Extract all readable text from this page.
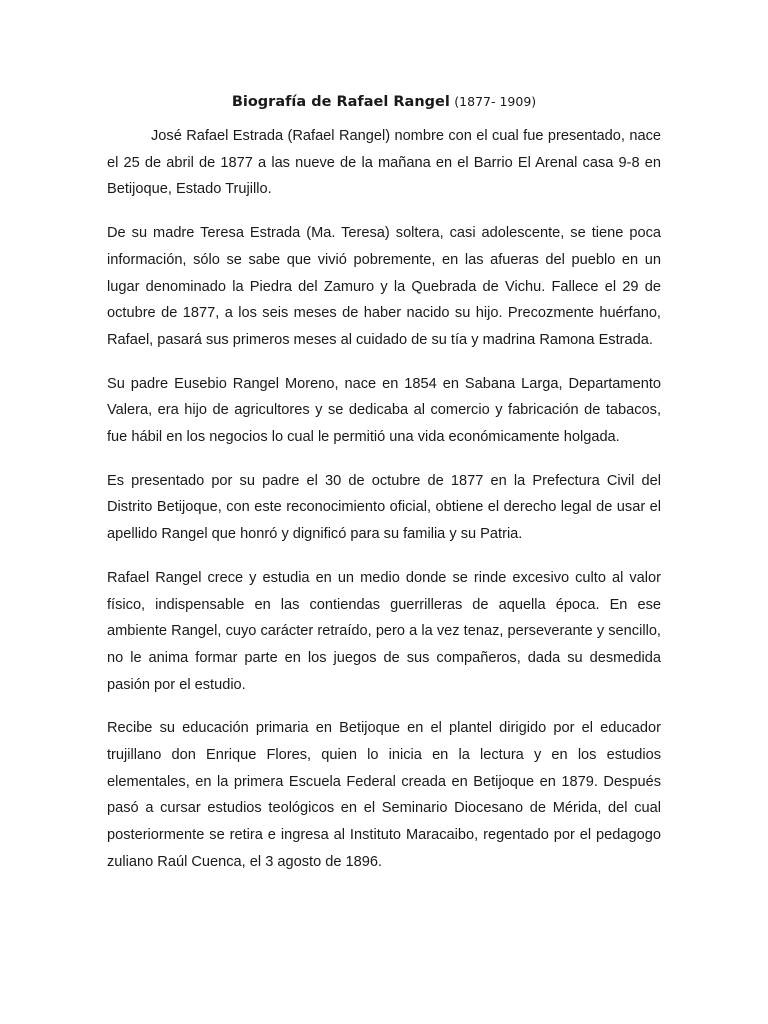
Biografía de Rafael Rangel (1877- 1909)

José Rafael Estrada (Rafael Rangel) nombre con el cual fue presentado, nace el 25 de abril de 1877 a las nueve de la mañana en el Barrio El Arenal casa 9-8 en Betijoque, Estado Trujillo.

De su madre Teresa Estrada (Ma. Teresa) soltera, casi adolescente, se tiene poca información, sólo se sabe que vivió pobremente, en las afueras del pueblo en un lugar denominado la Piedra del Zamuro y la Quebrada de Vichu. Fallece el 29 de octubre de 1877, a los seis meses de haber nacido su hijo. Precozmente huérfano, Rafael, pasará sus primeros meses al cuidado de su tía y madrina Ramona Estrada.

Su padre Eusebio Rangel Moreno, nace en 1854 en Sabana Larga, Departamento Valera, era hijo de agricultores y se dedicaba al comercio y fabricación de tabacos, fue hábil en los negocios lo cual le permitió una vida económicamente holgada.

Es presentado por su padre el 30 de octubre de 1877 en la Prefectura Civil del Distrito Betijoque, con este reconocimiento oficial, obtiene el derecho legal de usar el apellido Rangel que honró y dignificó para su familia y su Patria.

Rafael Rangel crece y estudia en un medio donde se rinde excesivo culto al valor físico, indispensable en las contiendas guerrilleras de aquella época. En ese ambiente Rangel, cuyo carácter retraído, pero a la vez tenaz, perseverante y sencillo, no le anima formar parte en los juegos de sus compañeros, dada su desmedida pasión por el estudio.

Recibe su educación primaria en Betijoque en el plantel dirigido por el educador trujillano don Enrique Flores, quien lo inicia en la lectura y en los estudios elementales, en la primera Escuela Federal creada en Betijoque en 1879. Después pasó a cursar estudios teológicos en el Seminario Diocesano de Mérida, del cual posteriormente se retira e ingresa al Instituto Maracaibo, regentado por el pedagogo zuliano Raúl Cuenca, el 3 agosto de 1896.
